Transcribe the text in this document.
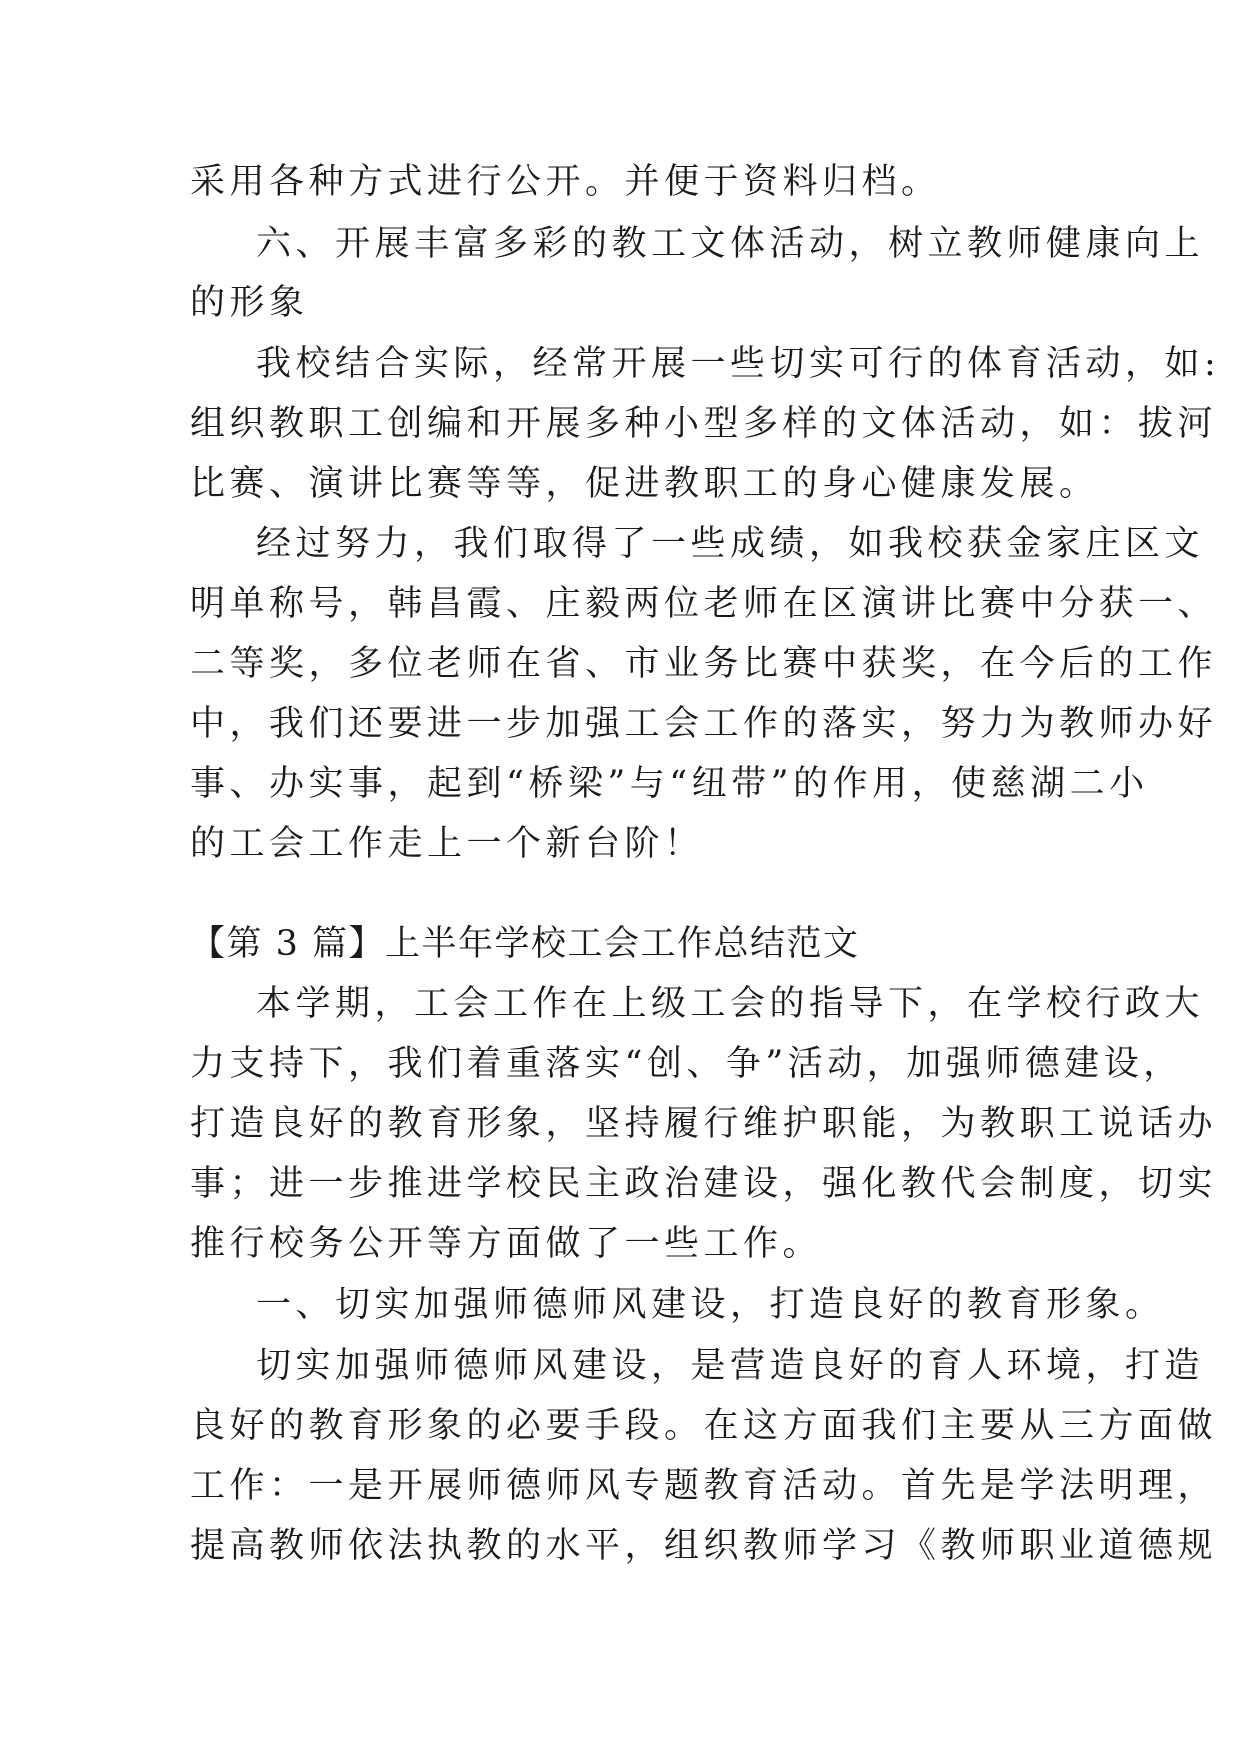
采用各种方式进行公开。并便于资料归档。
六、开展丰富多彩的教工文体活动，树立教师健康向上
的形象
我校结合实际，经常开展一些切实可行的体育活动，如:
组织教职工创编和开展多种小型多样的文体活动，如：拔河
比赛、演讲比赛等等，促进教职工的身心健康发展。
经过努力，我们取得了一些成绩，如我校获金家庄区文
明单称号，韩昌霞、庄毅两位老师在区演讲比赛中分获一、
二等奖，多位老师在省、市业务比赛中获奖，在今后的工作
中，我们还要进一步加强工会工作的落实，努力为教师办好
事、办实事，起到“桥梁”与“纽带”的作用，使慈湖二小
的工会工作走上一个新台阶！
【第 3 篇】上半年学校工会工作总结范文
本学期，工会工作在上级工会的指导下，在学校行政大
力支持下，我们着重落实“创、争”活动，加强师德建设，
打造良好的教育形象，坚持履行维护职能，为教职工说话办
事；进一步推进学校民主政治建设，强化教代会制度，切实
推行校务公开等方面做了一些工作。
一、切实加强师德师风建设，打造良好的教育形象。
切实加强师德师风建设，是营造良好的育人环境，打造
良好的教育形象的必要手段。在这方面我们主要从三方面做
工作：一是开展师德师风专题教育活动。首先是学法明理，
提高教师依法执教的水平，组织教师学习《教师职业道德规
